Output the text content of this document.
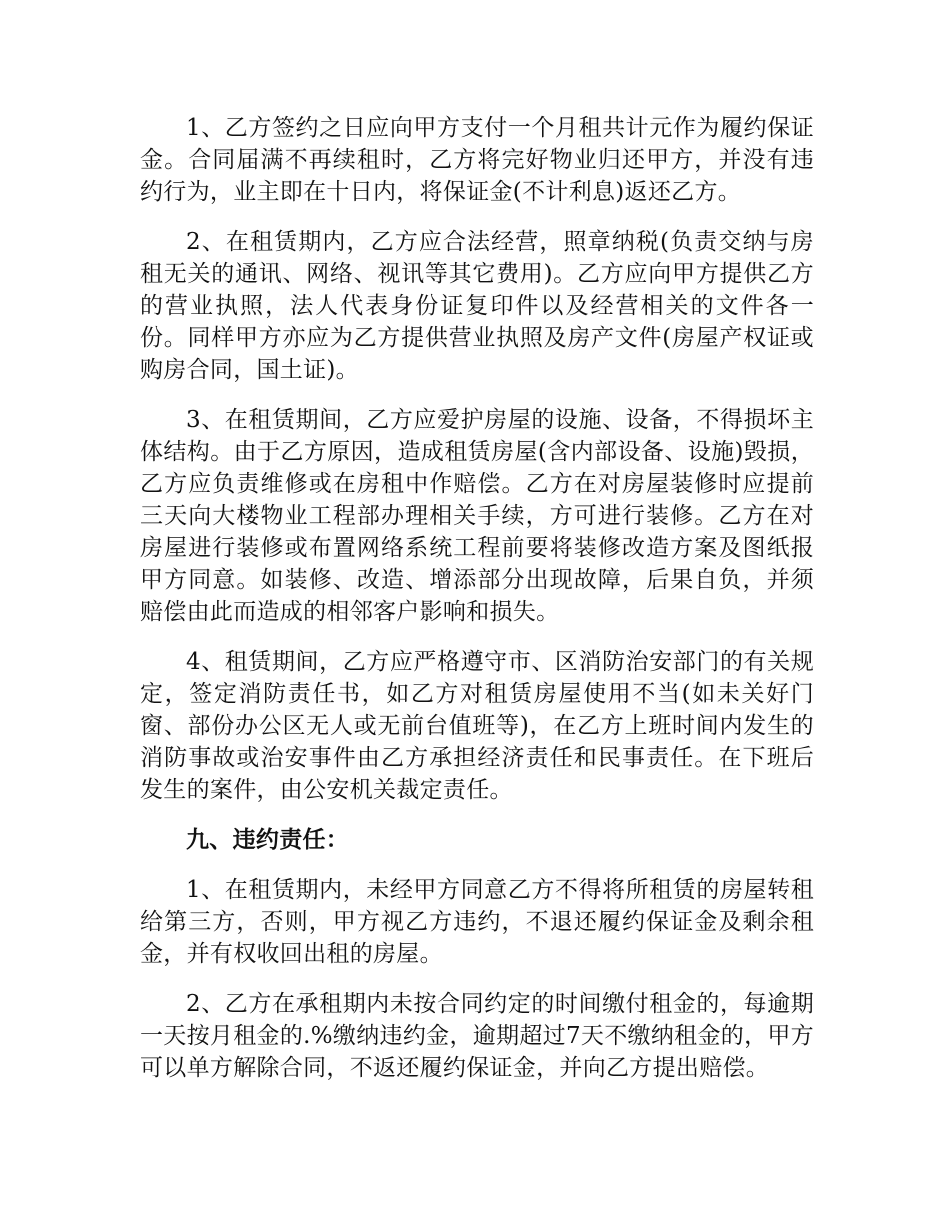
1、乙方签约之日应向甲方支付一个月租共计元作为履约保证金。合同届满不再续租时，乙方将完好物业归还甲方，并没有违约行为，业主即在十日内，将保证金(不计利息)返还乙方。

2、在租赁期内，乙方应合法经营，照章纳税(负责交纳与房租无关的通讯、网络、视讯等其它费用)。乙方应向甲方提供乙方的营业执照，法人代表身份证复印件以及经营相关的文件各一份。同样甲方亦应为乙方提供营业执照及房产文件(房屋产权证或购房合同，国土证)。

3、在租赁期间，乙方应爱护房屋的设施、设备，不得损坏主体结构。由于乙方原因，造成租赁房屋(含内部设备、设施)毁损，乙方应负责维修或在房租中作赔偿。乙方在对房屋装修时应提前三天向大楼物业工程部办理相关手续，方可进行装修。乙方在对房屋进行装修或布置网络系统工程前要将装修改造方案及图纸报甲方同意。如装修、改造、增添部分出现故障，后果自负，并须赔偿由此而造成的相邻客户影响和损失。

4、租赁期间，乙方应严格遵守市、区消防治安部门的有关规定，签定消防责任书，如乙方对租赁房屋使用不当(如未关好门窗、部份办公区无人或无前台值班等)，在乙方上班时间内发生的消防事故或治安事件由乙方承担经济责任和民事责任。在下班后发生的案件，由公安机关裁定责任。

九、违约责任：

1、在租赁期内，未经甲方同意乙方不得将所租赁的房屋转租给第三方，否则，甲方视乙方违约，不退还履约保证金及剩余租金，并有权收回出租的房屋。

2、乙方在承租期内未按合同约定的时间缴付租金的，每逾期一天按月租金的.%缴纳违约金，逾期超过7天不缴纳租金的，甲方可以单方解除合同，不返还履约保证金，并向乙方提出赔偿。
